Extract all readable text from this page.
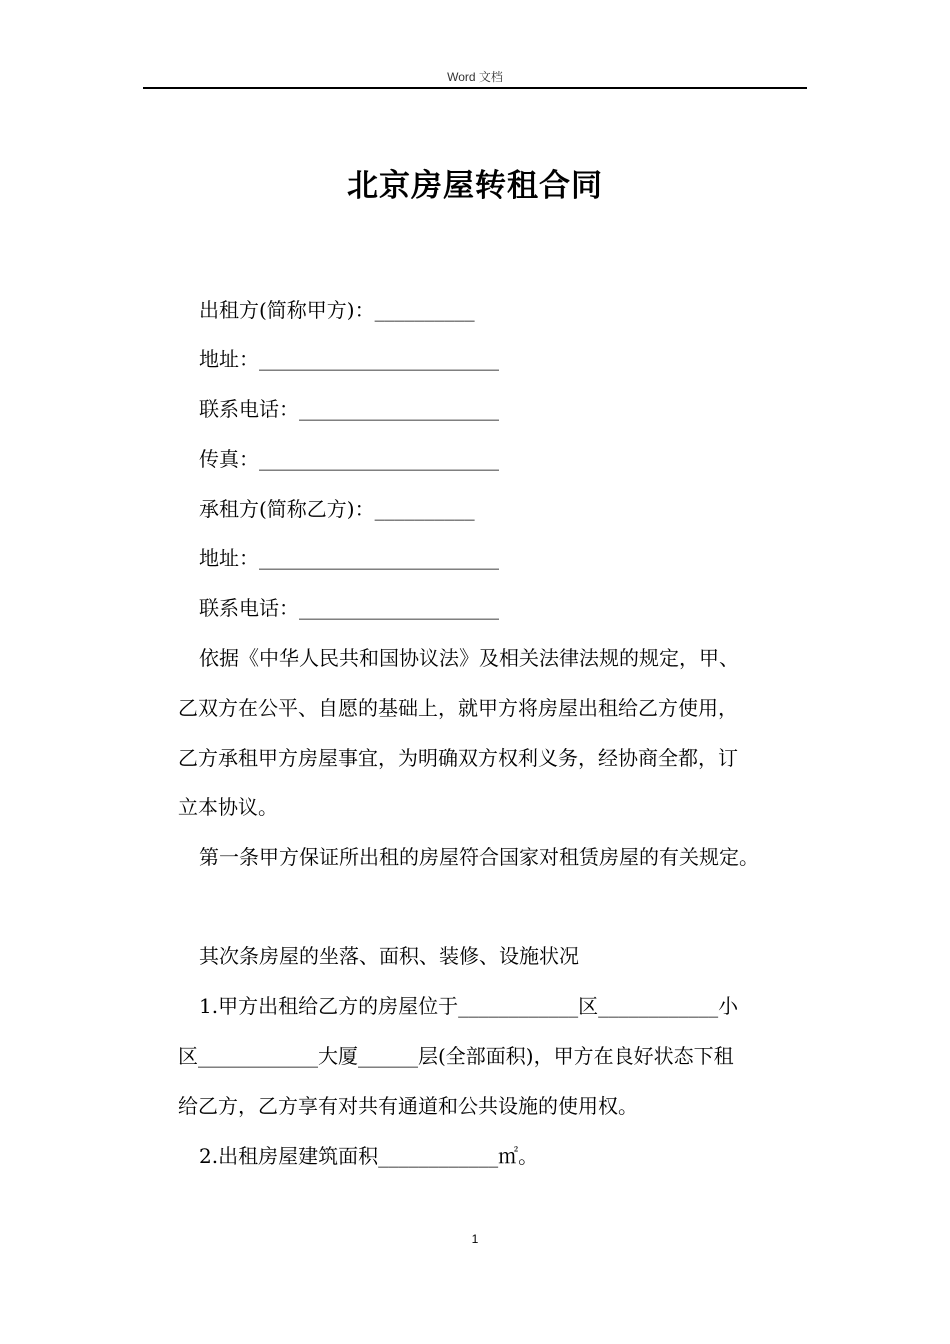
Word 文档
北京房屋转租合同
出租方(简称甲方)：__________
地址：________________________
联系电话：____________________
传真：________________________
承租方(简称乙方)：__________
地址：________________________
联系电话：____________________
依据《中华人民共和国协议法》及相关法律法规的规定，甲、
乙双方在公平、自愿的基础上，就甲方将房屋出租给乙方使用，
乙方承租甲方房屋事宜，为明确双方权利义务，经协商全都，订
立本协议。
第一条甲方保证所出租的房屋符合国家对租赁房屋的有关规定。
其次条房屋的坐落、面积、装修、设施状况
1.甲方出租给乙方的房屋位于____________区____________小
区____________大厦______层(全部面积)，甲方在良好状态下租
给乙方，乙方享有对共有通道和公共设施的使用权。
2.出租房屋建筑面积____________㎡。
1
